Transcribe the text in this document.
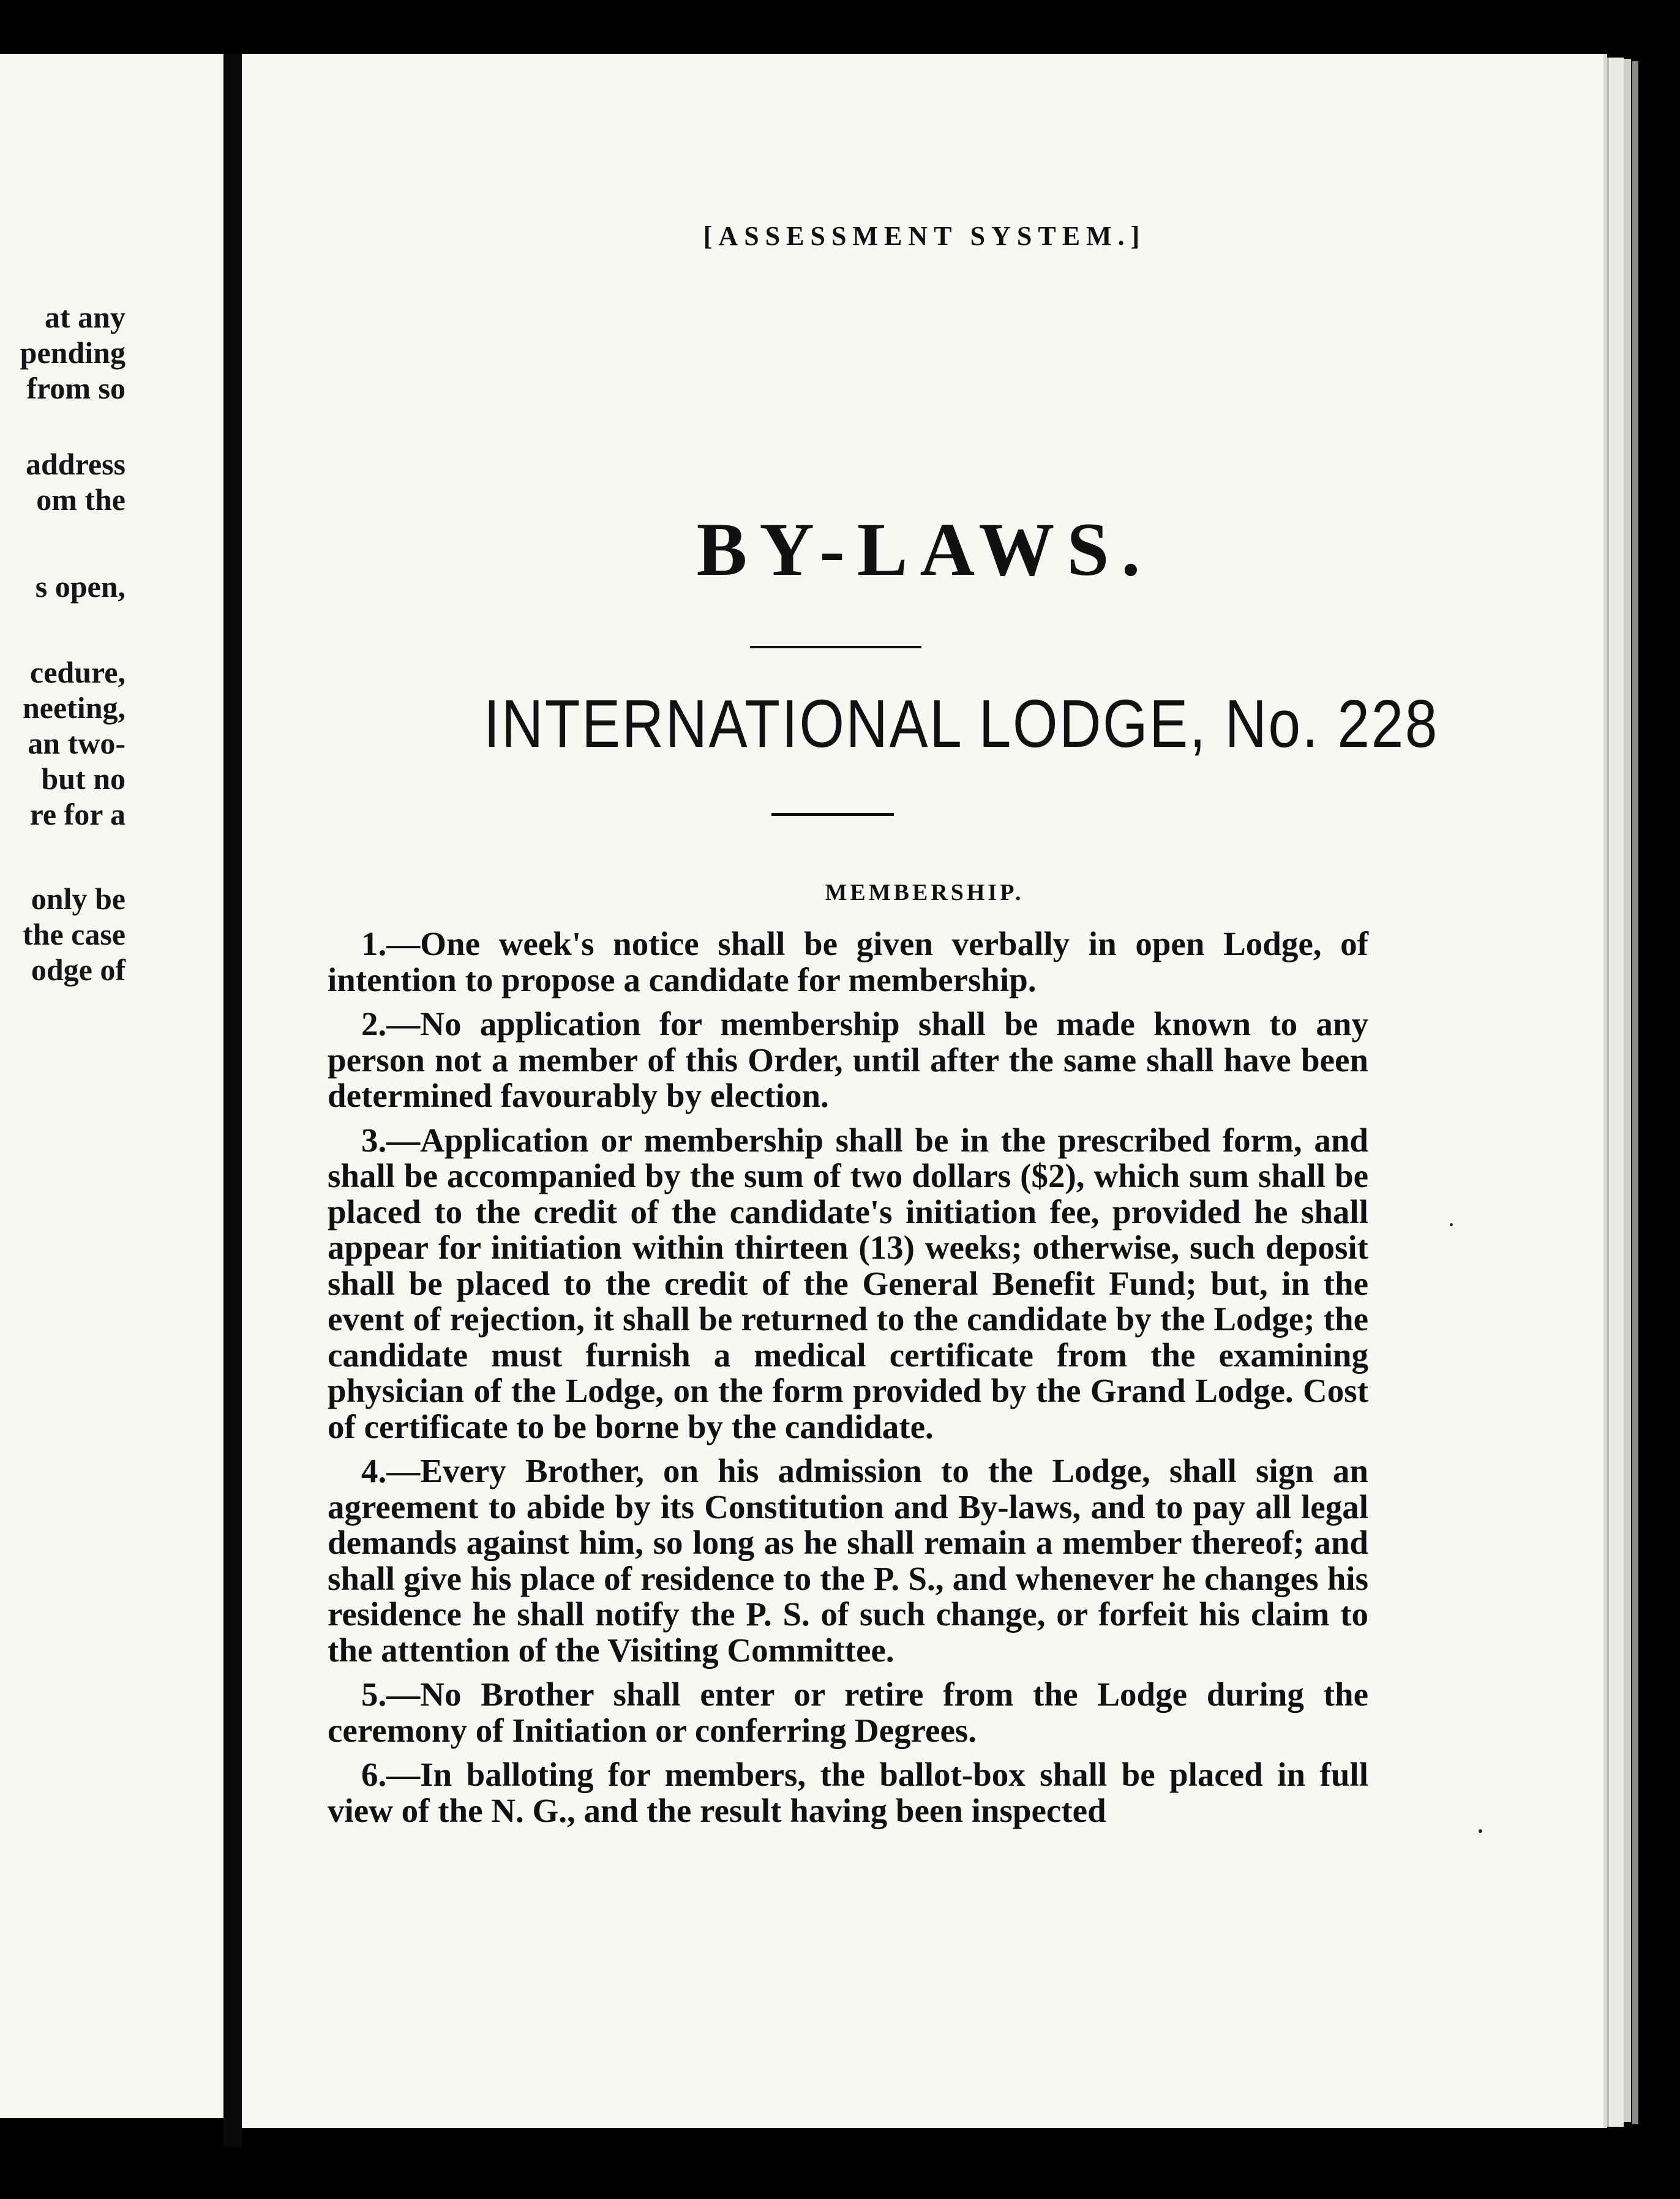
at any
pending
from so
address
om the
s open,
cedure,
neeting,
an two-
but no
re for a
only be
the case
odge of
[ASSESSMENT SYSTEM.]
BY-LAWS.
INTERNATIONAL LODGE, No. 228
MEMBERSHIP.

1.—One week's notice shall be given verbally in open Lodge, of intention to propose a candidate for membership.

2.—No application for membership shall be made known to any person not a member of this Order, until after the same shall have been determined favourably by election.

3.—Application or membership shall be in the prescribed form, and shall be accompanied by the sum of two dollars ($2), which sum shall be placed to the credit of the candidate's initiation fee, provided he shall appear for initiation within thirteen (13) weeks; otherwise, such deposit shall be placed to the credit of the General Benefit Fund; but, in the event of rejection, it shall be returned to the candidate by the Lodge; the candidate must furnish a medical certificate from the examining physician of the Lodge, on the form provided by the Grand Lodge. Cost of certificate to be borne by the candidate.

4.—Every Brother, on his admission to the Lodge, shall sign an agreement to abide by its Constitution and By-laws, and to pay all legal demands against him, so long as he shall remain a member thereof; and shall give his place of residence to the P. S., and whenever he changes his residence he shall notify the P. S. of such change, or forfeit his claim to the attention of the Visiting Committee.

5.—No Brother shall enter or retire from the Lodge during the ceremony of Initiation or conferring Degrees.

6.—In balloting for members, the ballot-box shall be placed in full view of the N. G., and the result having been inspected
